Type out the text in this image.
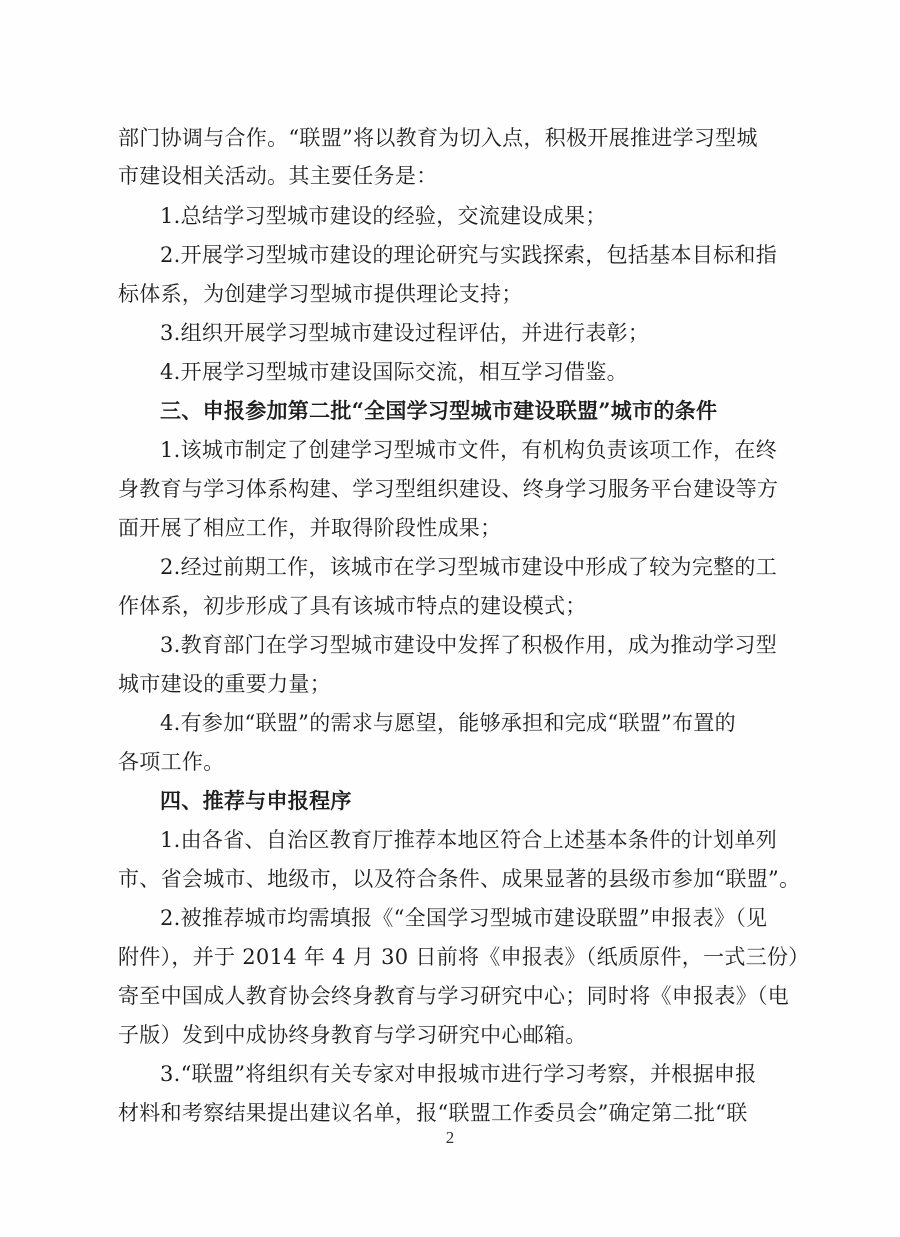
部门协调与合作。“联盟”将以教育为切入点，积极开展推进学习型城
市建设相关活动。其主要任务是：
1.总结学习型城市建设的经验，交流建设成果；
2.开展学习型城市建设的理论研究与实践探索，包括基本目标和指
标体系，为创建学习型城市提供理论支持；
3.组织开展学习型城市建设过程评估，并进行表彰；
4.开展学习型城市建设国际交流，相互学习借鉴。
三、申报参加第二批“全国学习型城市建设联盟”城市的条件
1.该城市制定了创建学习型城市文件，有机构负责该项工作，在终
身教育与学习体系构建、学习型组织建设、终身学习服务平台建设等方
面开展了相应工作，并取得阶段性成果；
2.经过前期工作，该城市在学习型城市建设中形成了较为完整的工
作体系，初步形成了具有该城市特点的建设模式；
3.教育部门在学习型城市建设中发挥了积极作用，成为推动学习型
城市建设的重要力量；
4.有参加“联盟”的需求与愿望，能够承担和完成“联盟”布置的
各项工作。
四、推荐与申报程序
1.由各省、自治区教育厅推荐本地区符合上述基本条件的计划单列
市、省会城市、地级市，以及符合条件、成果显著的县级市参加“联盟”。
2.被推荐城市均需填报《“全国学习型城市建设联盟”申报表》（见
附件），并于 2014 年 4 月 30 日前将《申报表》（纸质原件，一式三份）
寄至中国成人教育协会终身教育与学习研究中心；同时将《申报表》（电
子版）发到中成协终身教育与学习研究中心邮箱。
3.“联盟”将组织有关专家对申报城市进行学习考察，并根据申报
材料和考察结果提出建议名单，报“联盟工作委员会”确定第二批“联
2
